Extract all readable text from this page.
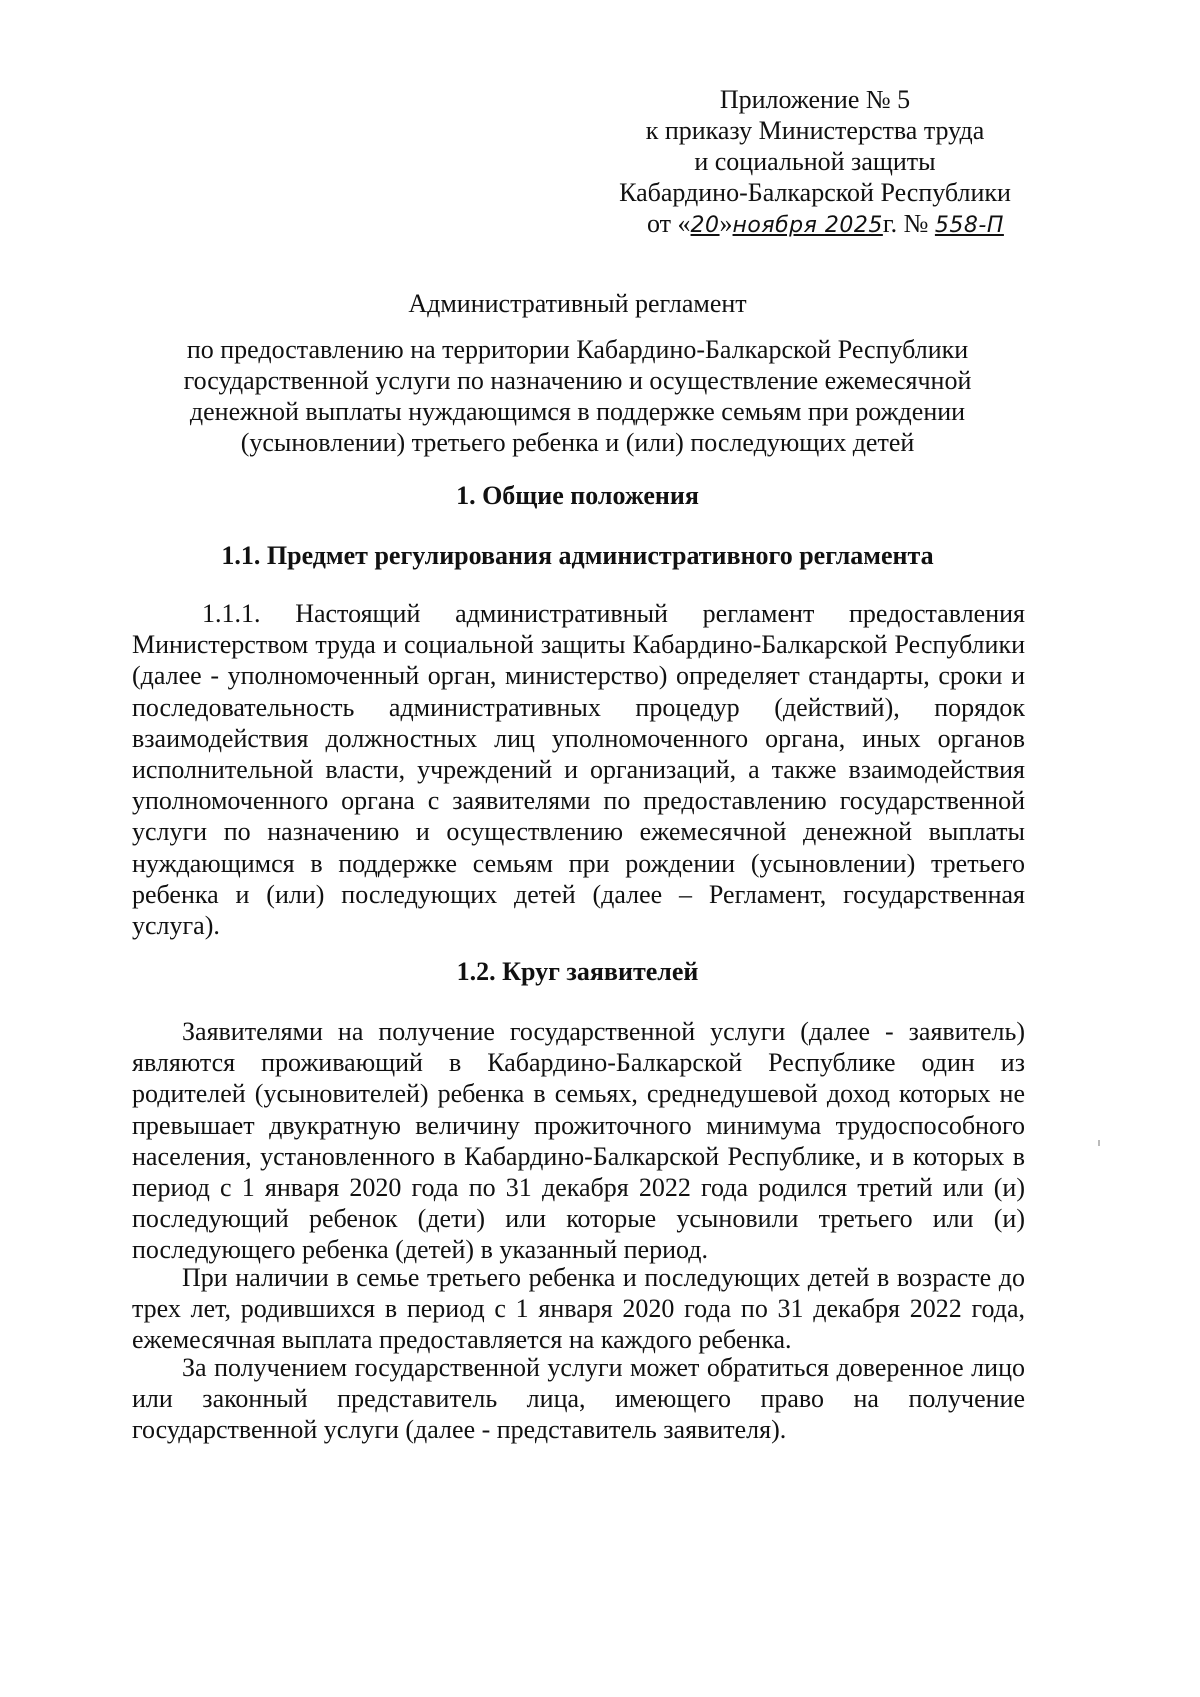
Приложение № 5
к приказу Министерства труда
и социальной защиты
Кабардино-Балкарской Республики
от «20»ноября 2025г. № 558-П
Административный регламент
по предоставлению на территории Кабардино-Балкарской Республики государственной услуги по назначению и осуществление ежемесячной денежной выплаты нуждающимся в поддержке семьям при рождении (усыновлении) третьего ребенка и (или) последующих детей
1. Общие положения
1.1. Предмет регулирования административного регламента
1.1.1. Настоящий административный регламент предоставления Министерством труда и социальной защиты Кабардино-Балкарской Республики (далее - уполномоченный орган, министерство) определяет стандарты, сроки и последовательность административных процедур (действий), порядок взаимодействия должностных лиц уполномоченного органа, иных органов исполнительной власти, учреждений и организаций, а также взаимодействия уполномоченного органа с заявителями по предоставлению государственной услуги по назначению и осуществлению ежемесячной денежной выплаты нуждающимся в поддержке семьям при рождении (усыновлении) третьего ребенка и (или) последующих детей (далее – Регламент, государственная услуга).
1.2. Круг заявителей
Заявителями на получение государственной услуги (далее - заявитель) являются проживающий в Кабардино-Балкарской Республике один из родителей (усыновителей) ребенка в семьях, среднедушевой доход которых не превышает двукратную величину прожиточного минимума трудоспособного населения, установленного в Кабардино-Балкарской Республике, и в которых в период с 1 января 2020 года по 31 декабря 2022 года родился третий или (и) последующий ребенок (дети) или которые усыновили третьего или (и) последующего ребенка (детей) в указанный период.
При наличии в семье третьего ребенка и последующих детей в возрасте до трех лет, родившихся в период с 1 января 2020 года по 31 декабря 2022 года, ежемесячная выплата предоставляется на каждого ребенка.
За получением государственной услуги может обратиться доверенное лицо или законный представитель лица, имеющего право на получение государственной услуги (далее - представитель заявителя).
